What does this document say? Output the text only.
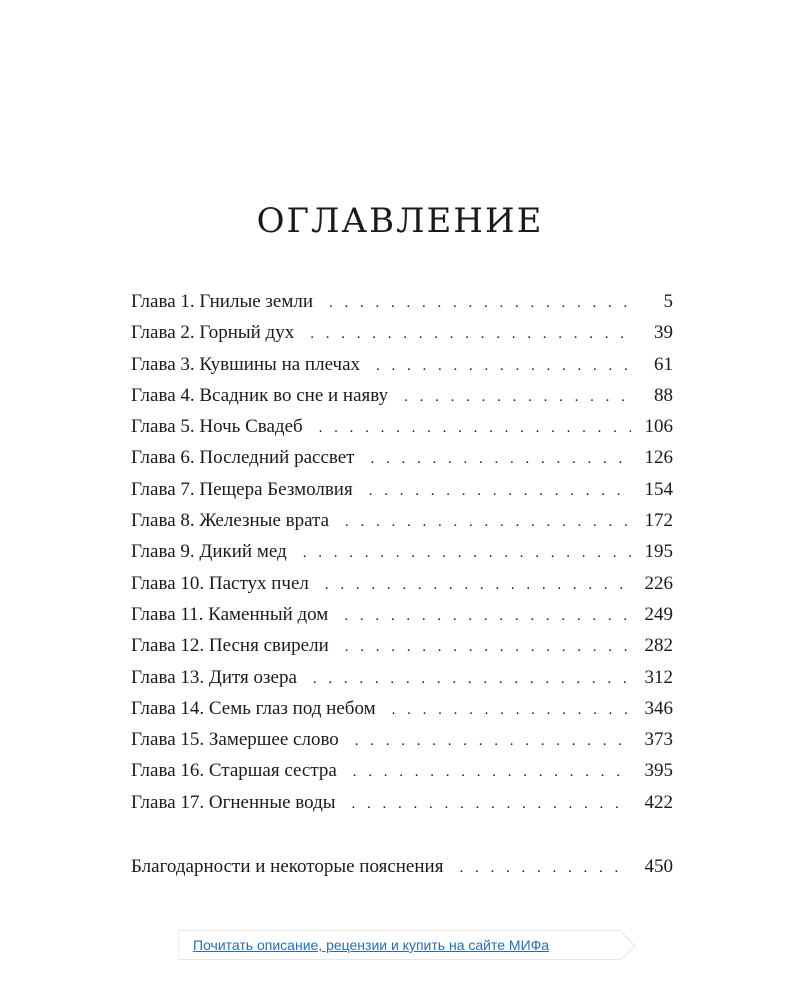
ОГЛАВЛЕНИЕ
Глава 1. Гнилые земли . . .	5
Глава 2. Горный дух . . .	39
Глава 3. Кувшины на плечах . . .	61
Глава 4. Всадник во сне и наяву . . .	88
Глава 5. Ночь Свадеб . . .	106
Глава 6. Последний рассвет . . .	126
Глава 7. Пещера Безмолвия . . .	154
Глава 8. Железные врата . . .	172
Глава 9. Дикий мед . . .	195
Глава 10. Пастух пчел . . .	226
Глава 11. Каменный дом . . .	249
Глава 12. Песня свирели . . .	282
Глава 13. Дитя озера . . .	312
Глава 14. Семь глаз под небом . . .	346
Глава 15. Замершее слово . . .	373
Глава 16. Старшая сестра . . .	395
Глава 17. Огненные воды . . .	422
Благодарности и некоторые пояснения . . .	450
Почитать описание, рецензии и купить на сайте МИФа
